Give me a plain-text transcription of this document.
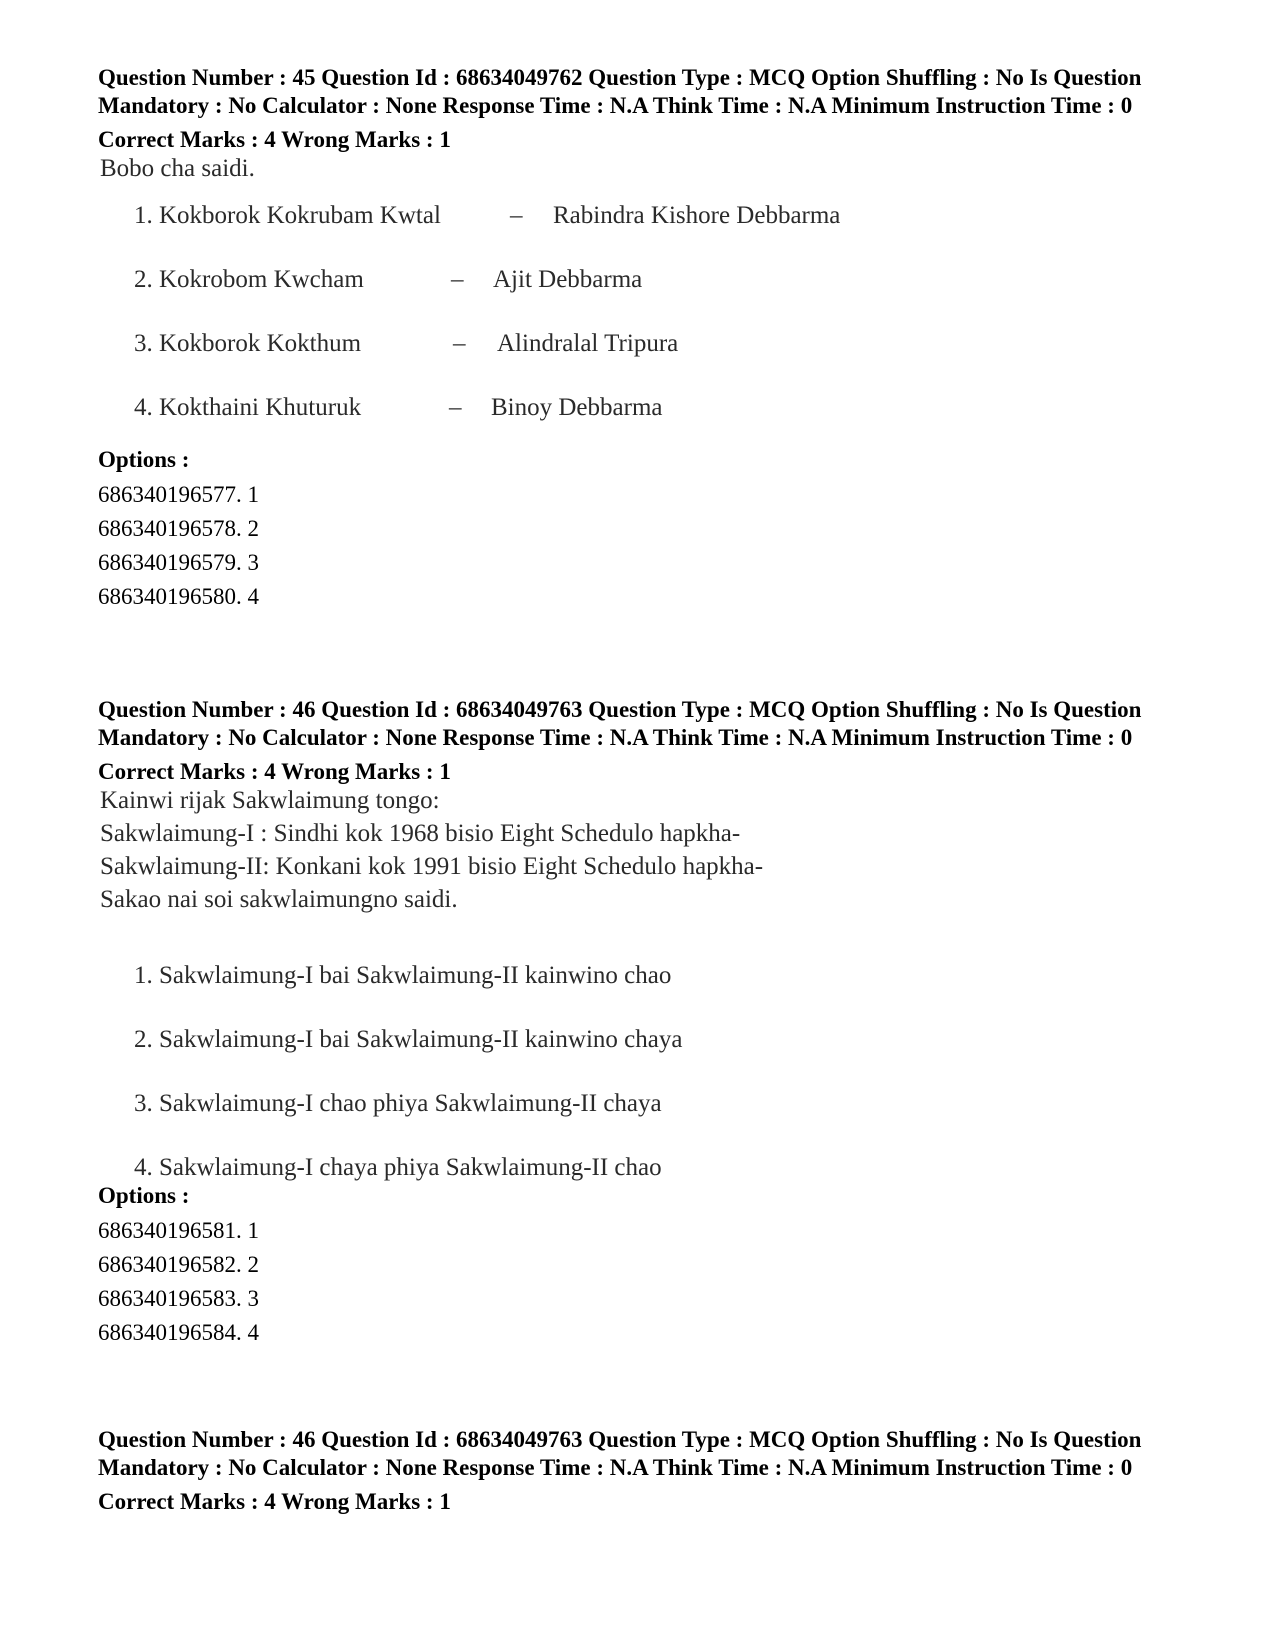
Question Number : 45 Question Id : 68634049762 Question Type : MCQ Option Shuffling : No Is Question Mandatory : No Calculator : None Response Time : N.A Think Time : N.A Minimum Instruction Time : 0

Correct Marks : 4 Wrong Marks : 1
Bobo cha saidi.
1. Kokborok Kokrubam Kwtal	– Rabindra Kishore Debbarma
2. Kokrobom Kwcham	– Ajit Debbarma
3. Kokborok Kokthum	– Alindralal Tripura
4. Kokthaini Khuturuk	– Binoy Debbarma
Options :
686340196577. 1
686340196578. 2
686340196579. 3
686340196580. 4

Question Number : 46 Question Id : 68634049763 Question Type : MCQ Option Shuffling : No Is Question Mandatory : No Calculator : None Response Time : N.A Think Time : N.A Minimum Instruction Time : 0

Correct Marks : 4 Wrong Marks : 1
Kainwi rijak Sakwlaimung tongo:
Sakwlaimung-I : Sindhi kok 1968 bisio Eight Schedulo hapkha-
Sakwlaimung-II: Konkani kok 1991 bisio Eight Schedulo hapkha-
Sakao nai soi sakwlaimungno saidi.
1. Sakwlaimung-I bai Sakwlaimung-II kainwino chao
2. Sakwlaimung-I bai Sakwlaimung-II kainwino chaya
3. Sakwlaimung-I chao phiya Sakwlaimung-II chaya
4. Sakwlaimung-I chaya phiya Sakwlaimung-II chao
Options :
686340196581. 1
686340196582. 2
686340196583. 3
686340196584. 4

Question Number : 46 Question Id : 68634049763 Question Type : MCQ Option Shuffling : No Is Question Mandatory : No Calculator : None Response Time : N.A Think Time : N.A Minimum Instruction Time : 0

Correct Marks : 4 Wrong Marks : 1
